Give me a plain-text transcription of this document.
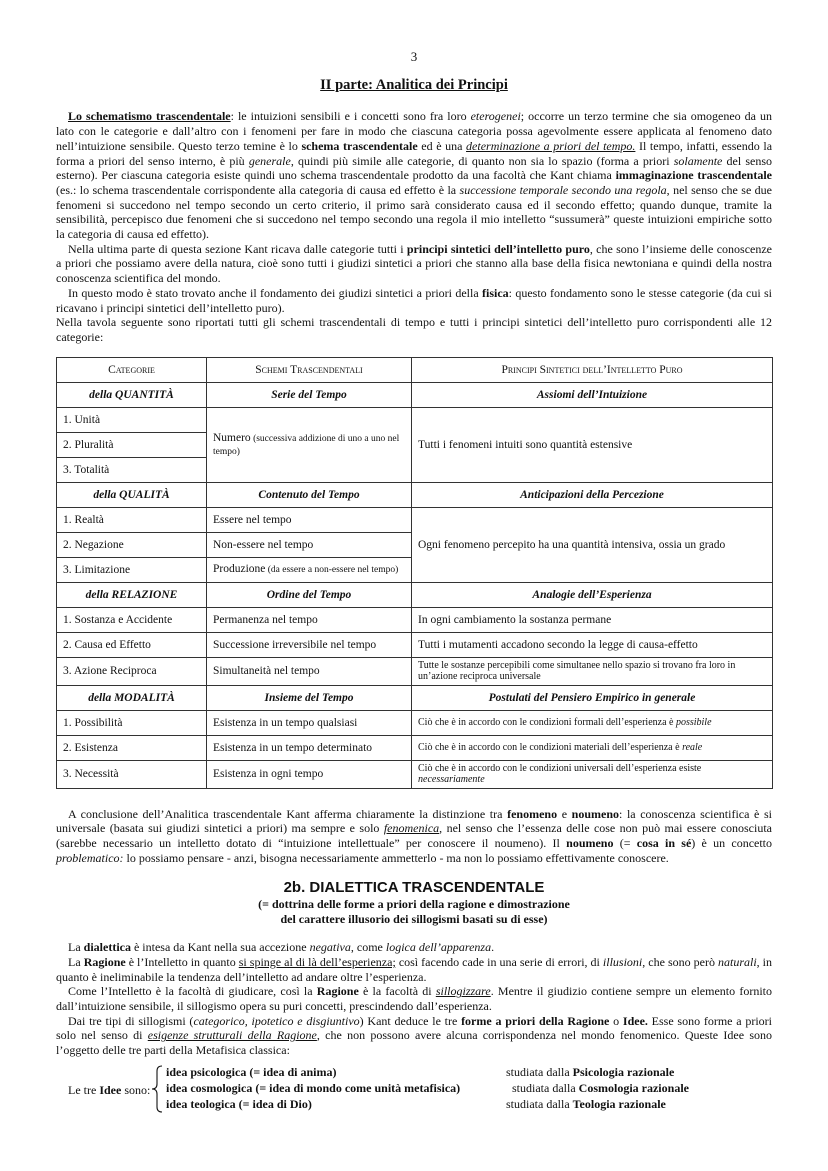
3
II parte: Analitica dei Principi

Lo schematismo trascendentale: le intuizioni sensibili e i concetti sono fra loro eterogenei; occorre un terzo termine che sia omogeneo da un lato con le categorie e dall’altro con i fenomeni per fare in modo che ciascuna categoria possa agevolmente essere applicata al fenomeno dato nell’intuizione sensibile. Questo terzo temine è lo schema trascendentale ed è una determinazione a priori del tempo. Il tempo, infatti, essendo la forma a priori del senso interno, è più generale, quindi più simile alle categorie, di quanto non sia lo spazio (forma a priori solamente del senso esterno). Per ciascuna categoria esiste quindi uno schema trascendentale prodotto da una facoltà che Kant chiama immaginazione trascendentale (es.: lo schema trascendentale corrispondente alla categoria di causa ed effetto è la successione temporale secondo una regola, nel senso che se due fenomeni si succedono nel tempo secondo un certo criterio, il primo sarà considerato causa ed il secondo effetto; quando dunque, tramite la sensibilità, percepisco due fenomeni che si succedono nel tempo secondo una regola il mio intelletto “sussumerà” queste intuizioni empiriche sotto la categoria di causa ed effetto).

Nella ultima parte di questa sezione Kant ricava dalle categorie tutti i principi sintetici dell’intelletto puro, che sono l’insieme delle conoscenze a priori che possiamo avere della natura, cioè sono tutti i giudizi sintetici a priori che stanno alla base della fisica newtoniana e quindi della nostra conoscenza scientifica del mondo.

In questo modo è stato trovato anche il fondamento dei giudizi sintetici a priori della fisica: questo fondamento sono le stesse categorie (da cui si ricavano i principi sintetici dell’intelletto puro).

Nella tavola seguente sono riportati tutti gli schemi trascendentali di tempo e tutti i principi sintetici dell’intelletto puro corrispondenti alle 12 categorie:

Categorie	Schemi Trascendentali	Principi Sintetici dell’Intelletto Puro
della QUANTITÀ	Serie del Tempo	Assiomi dell’Intuizione
1. Unità	Numero (successiva addizione di uno a uno nel tempo)	Tutti i fenomeni intuiti sono quantità estensive
2. Pluralità		
3. Totalità		
della QUALITÀ	Contenuto del Tempo	Anticipazioni della Percezione
1. Realtà	Essere nel tempo	Ogni fenomeno percepito ha una quantità intensiva, ossia un grado
2. Negazione	Non-essere nel tempo	
3. Limitazione	Produzione (da essere a non-essere nel tempo)	
della RELAZIONE	Ordine del Tempo	Analogie dell’Esperienza
1. Sostanza e Accidente	Permanenza nel tempo	In ogni cambiamento la sostanza permane
2. Causa ed Effetto	Successione irreversibile nel tempo	Tutti i mutamenti accadono secondo la legge di causa-effetto
3. Azione Reciproca	Simultaneità nel tempo	Tutte le sostanze percepibili come simultanee nello spazio si trovano fra loro in un’azione reciproca universale
della MODALITÀ	Insieme del Tempo	Postulati del Pensiero Empirico in generale
1. Possibilità	Esistenza in un tempo qualsiasi	Ciò che è in accordo con le condizioni formali dell’esperienza è possibile
2. Esistenza	Esistenza in un tempo determinato	Ciò che è in accordo con le condizioni materiali dell’esperienza è reale
3. Necessità	Esistenza in ogni tempo	Ciò che è in accordo con le condizioni universali dell’esperienza esiste necessariamente

A conclusione dell’Analitica trascendentale Kant afferma chiaramente la distinzione tra fenomeno e noumeno: la conoscenza scientifica è si universale (basata sui giudizi sintetici a priori) ma sempre e solo fenomenica, nel senso che l’essenza delle cose non può mai essere conosciuta (sarebbe necessario un intelletto dotato di “intuizione intellettuale” per conoscere il noumeno). Il noumeno (= cosa in sé) è un concetto problematico: lo possiamo pensare - anzi, bisogna necessariamente ammetterlo - ma non lo possiamo effettivamente conoscere.

2b. DIALETTICA TRASCENDENTALE
(= dottrina delle forme a priori della ragione e dimostrazione
del carattere illusorio dei sillogismi basati su di esse)

La dialettica è intesa da Kant nella sua accezione negativa, come logica dell’apparenza.

La Ragione è l’Intelletto in quanto si spinge al di là dell’esperienza; così facendo cade in una serie di errori, di illusioni, che sono però naturali, in quanto è ineliminabile la tendenza dell’intelletto ad andare oltre l’esperienza.

Come l’Intelletto è la facoltà di giudicare, così la Ragione è la facoltà di sillogizzare. Mentre il giudizio contiene sempre un elemento fornito dall’intuizione sensibile, il sillogismo opera su puri concetti, prescindendo dall’esperienza.

Dai tre tipi di sillogismi (categorico, ipotetico e disgiuntivo) Kant deduce le tre forme a priori della Ragione o Idee. Esse sono forme a priori solo nel senso di esigenze strutturali della Ragione, che non possono avere alcuna corrispondenza nel mondo fenomenico. Queste Idee sono l’oggetto delle tre parti della Metafisica classica:

Le tre Idee sono:
idea psicologica (= idea di anima)	studiata dalla Psicologia razionale
idea cosmologica (= idea di mondo come unità metafisica)	studiata dalla Cosmologia razionale
idea teologica (= idea di Dio)	studiata dalla Teologia razionale
